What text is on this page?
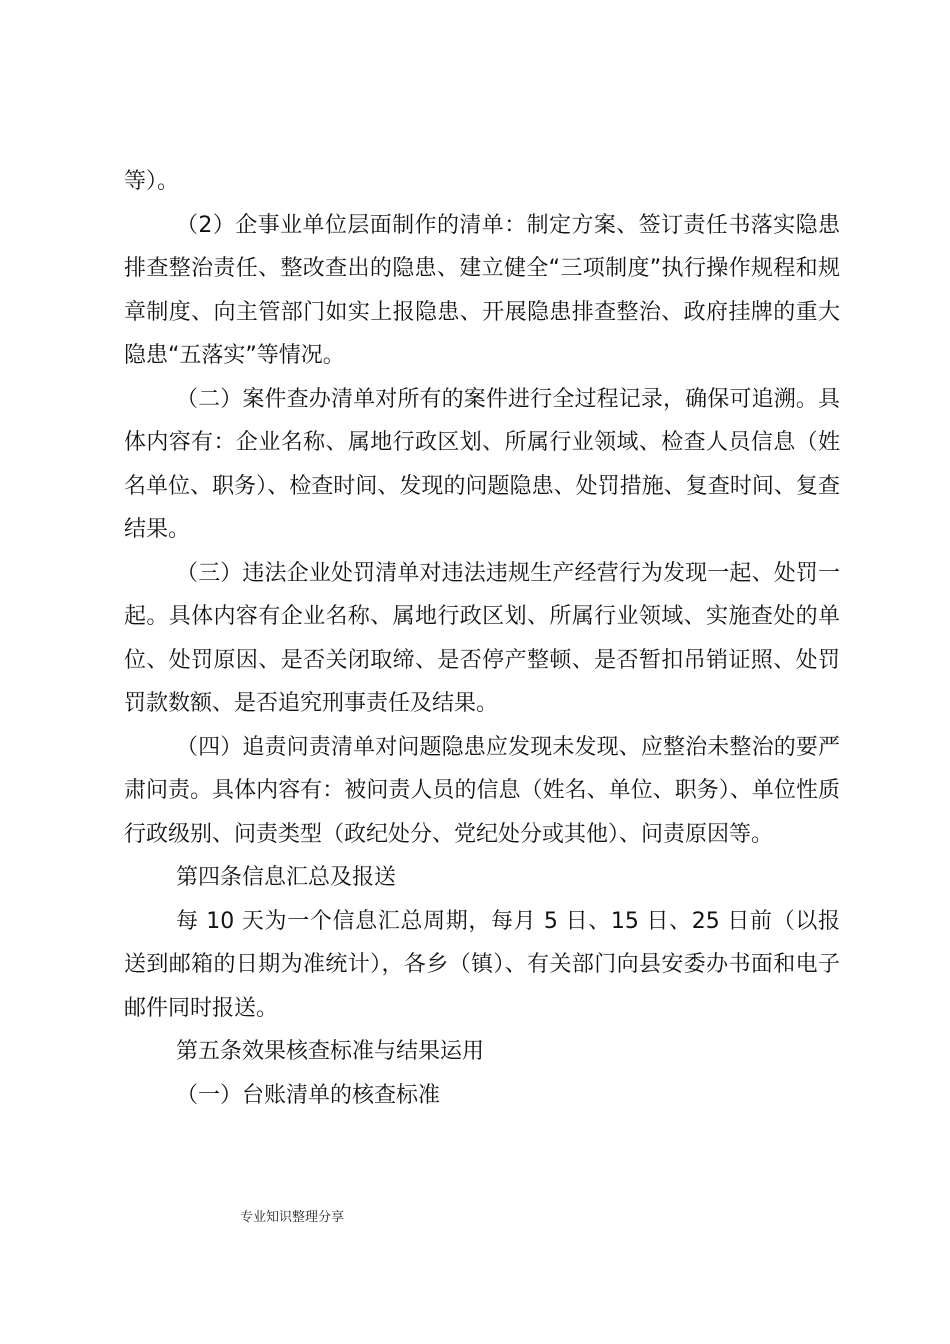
等）。

（2）企事业单位层面制作的清单：制定方案、签订责任书落实隐患排查整治责任、整改查出的隐患、建立健全“三项制度”执行操作规程和规章制度、向主管部门如实上报隐患、开展隐患排查整治、政府挂牌的重大隐患“五落实”等情况。

（二）案件查办清单对所有的案件进行全过程记录，确保可追溯。具体内容有：企业名称、属地行政区划、所属行业领域、检查人员信息（姓名单位、职务）、检查时间、发现的问题隐患、处罚措施、复查时间、复查结果。

（三）违法企业处罚清单对违法违规生产经营行为发现一起、处罚一起。具体内容有企业名称、属地行政区划、所属行业领域、实施查处的单位、处罚原因、是否关闭取缔、是否停产整顿、是否暂扣吊销证照、处罚罚款数额、是否追究刑事责任及结果。

（四）追责问责清单对问题隐患应发现未发现、应整治未整治的要严肃问责。具体内容有：被问责人员的信息（姓名、单位、职务）、单位性质行政级别、问责类型（政纪处分、党纪处分或其他）、问责原因等。

第四条信息汇总及报送

每 10 天为一个信息汇总周期，每月 5 日、15 日、25 日前（以报送到邮箱的日期为准统计），各乡（镇）、有关部门向县安委办书面和电子邮件同时报送。

第五条效果核查标准与结果运用

（一）台账清单的核查标准

专业知识整理分享
